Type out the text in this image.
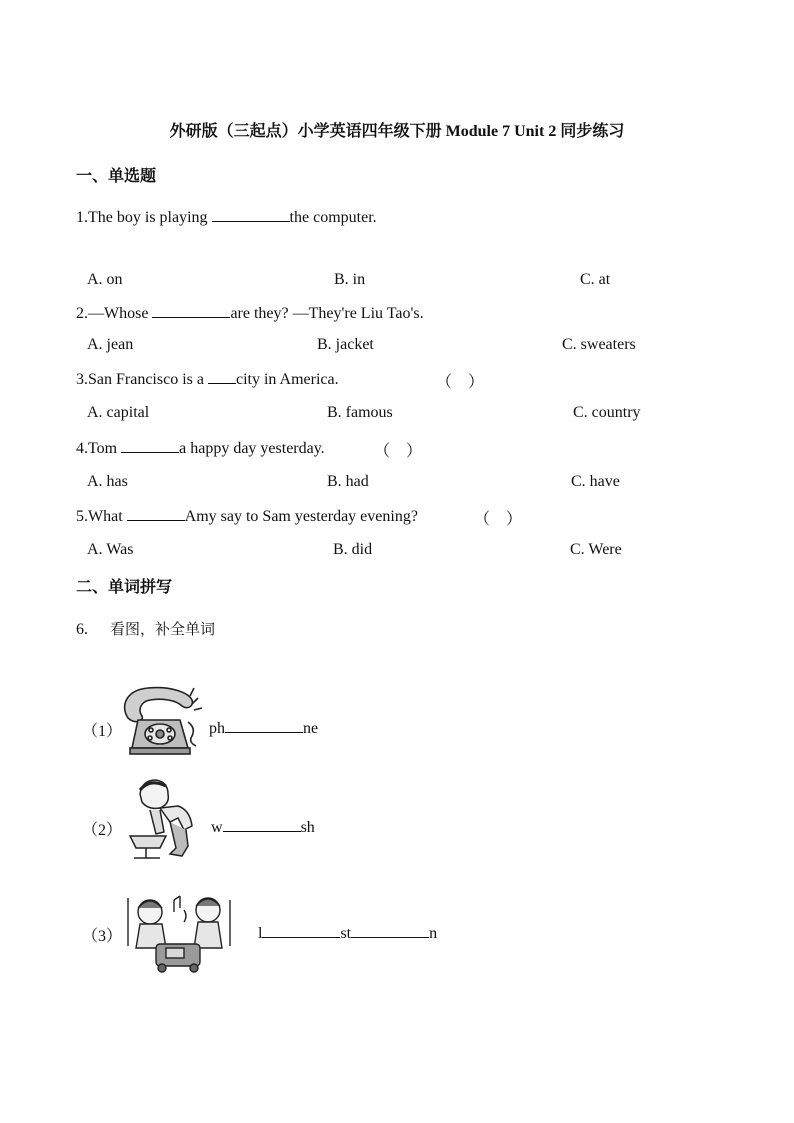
外研版（三起点）小学英语四年级下册 Module 7 Unit 2 同步练习
一、单选题
1.The boy is playing	the computer.
A. on	B. in	C. at
2.—Whose	are they? —They're Liu Tao's.
A. jean	B. jacket	C. sweaters
3.San Francisco is a city in America.	（　）
A. capital	B. famous	C. country
4.Tom	a happy day yesterday.	（　）
A. has	B. had	C. have
5.What	Amy say to Sam yesterday evening?	（　）
A. Was	B. did	C. Were
二、单词拼写
6. 看图，补全单词
（1）	ph	ne
（2）	w	sh
（3）	l	st	n
